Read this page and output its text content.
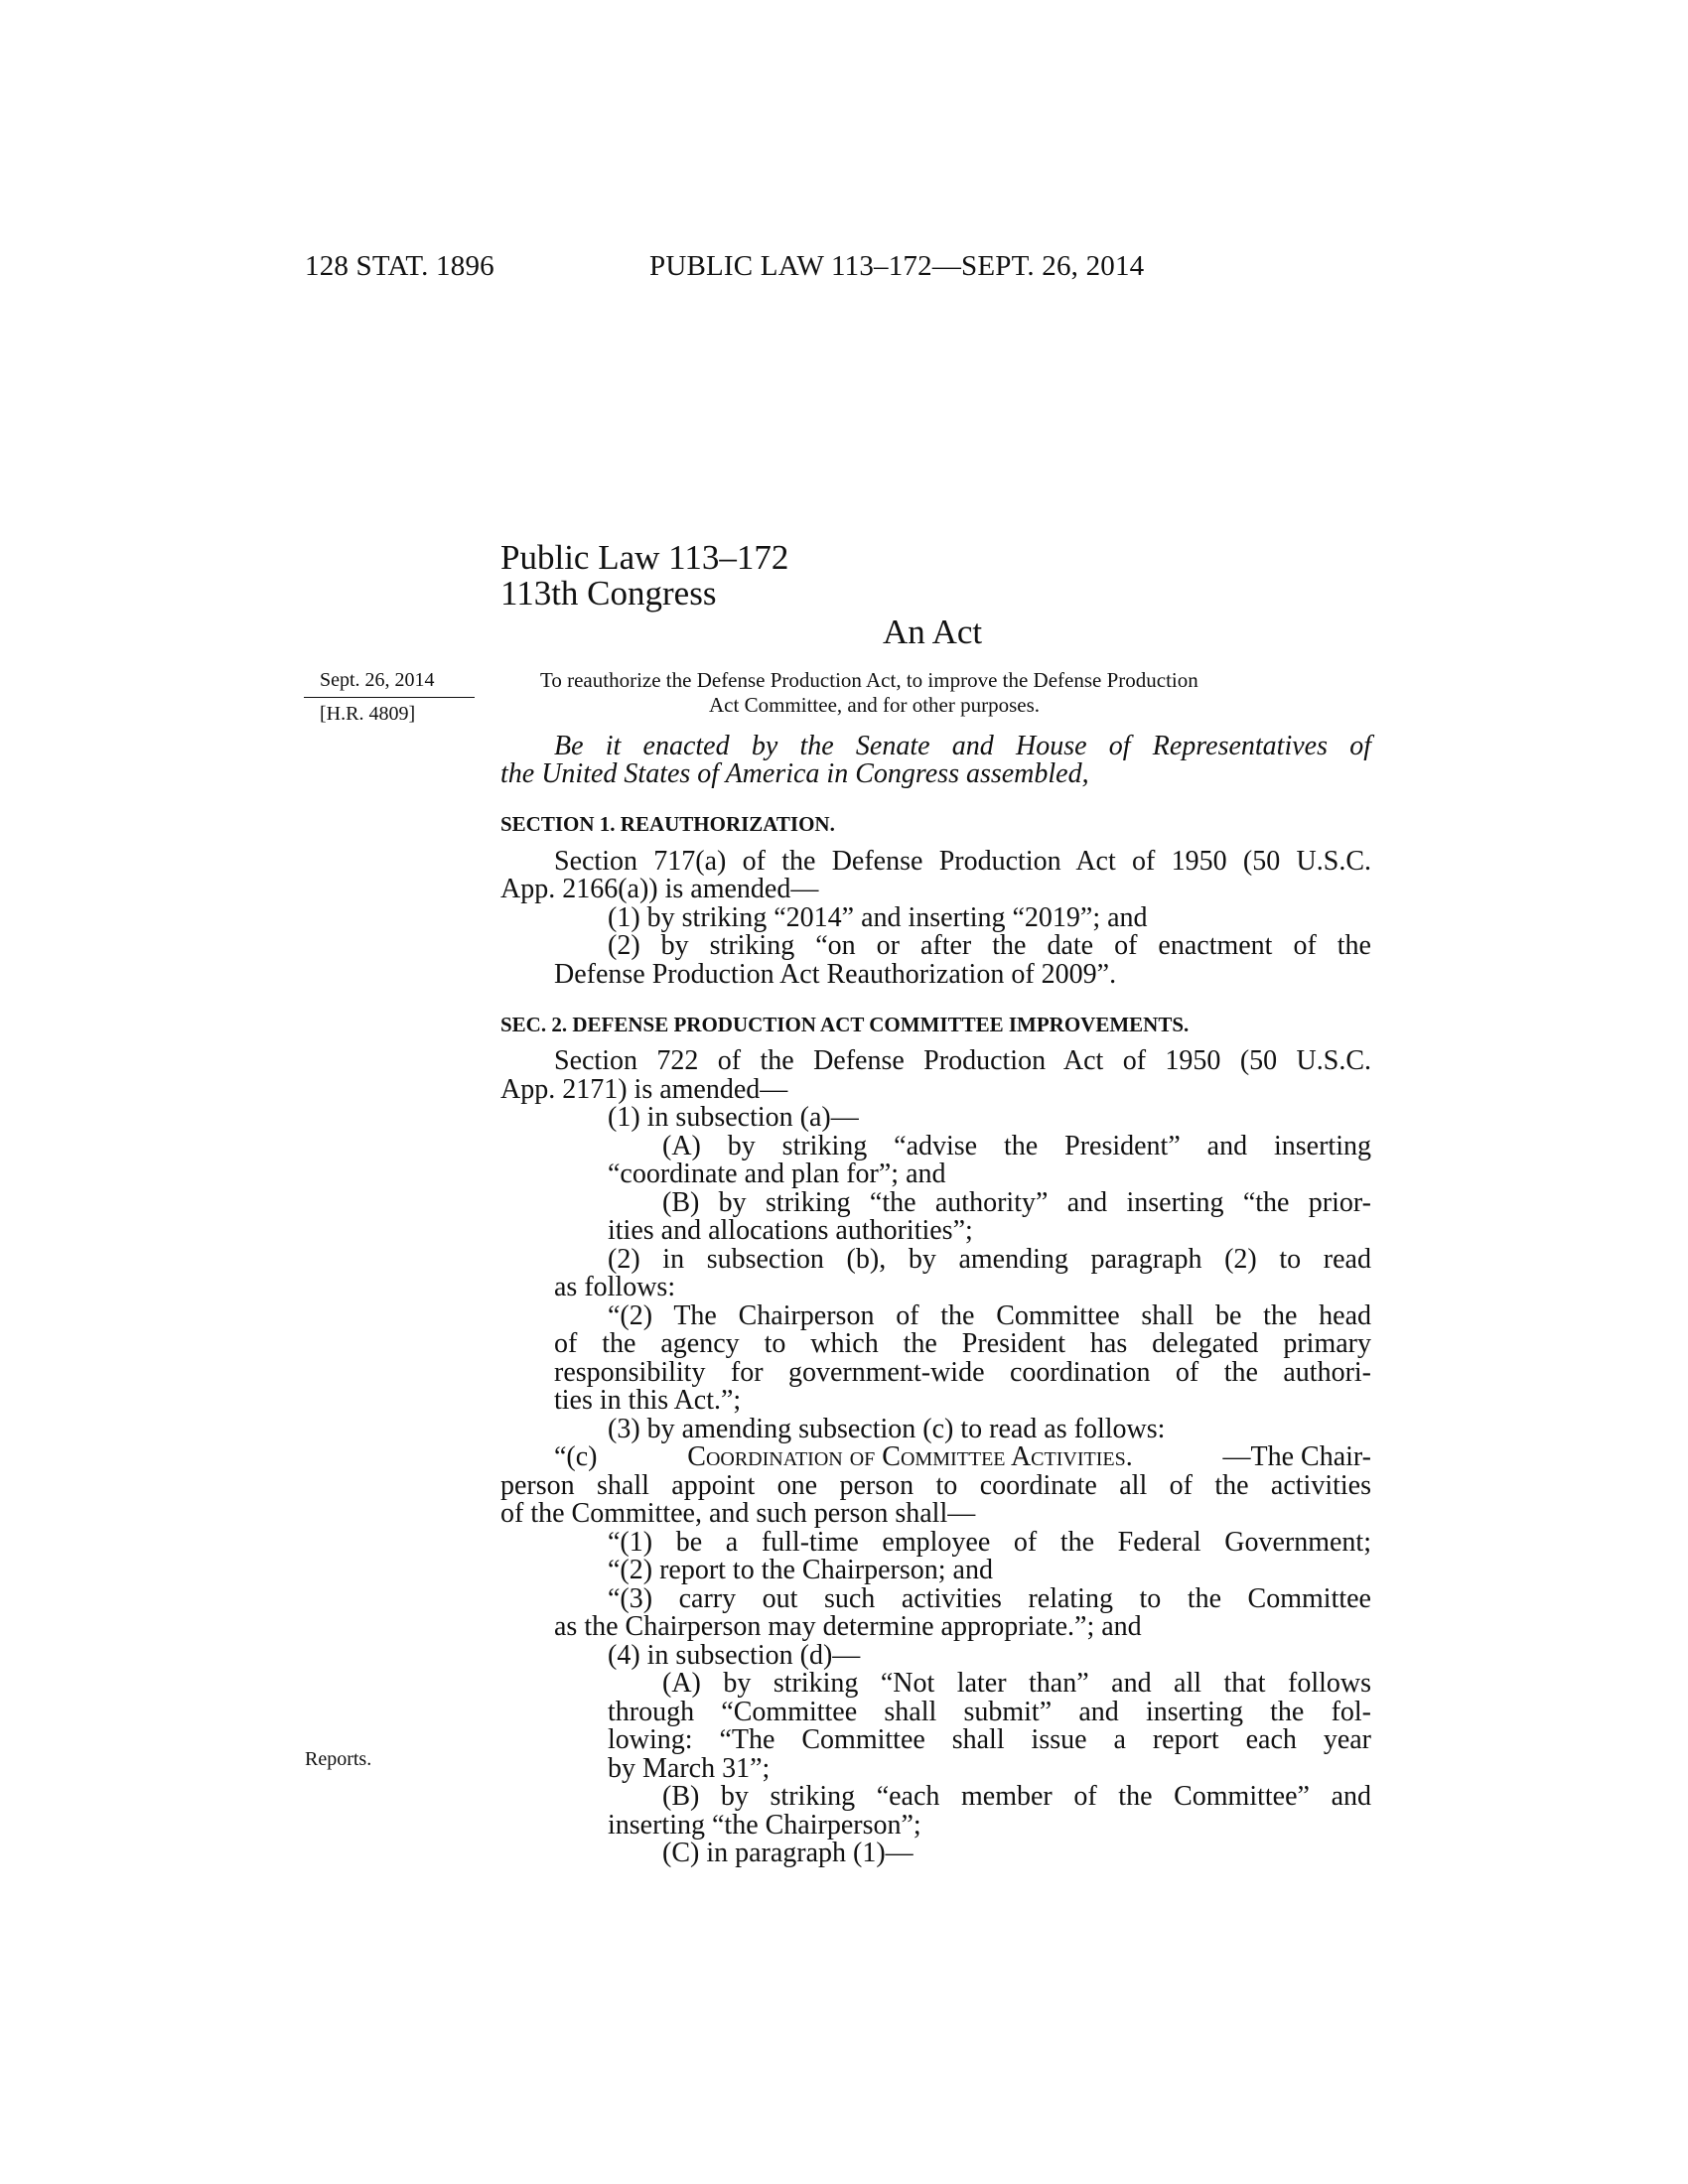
128 STAT. 1896	PUBLIC LAW 113–172—SEPT. 26, 2014
Public Law 113–172
113th Congress
An Act
Sept. 26, 2014
[H.R. 4809]
Reports.
To reauthorize the Defense Production Act, to improve the Defense Production
Act Committee, and for other purposes.
Be it enacted by the Senate and House of Representatives of
the United States of America in Congress assembled,
SECTION 1. REAUTHORIZATION.
Section 717(a) of the Defense Production Act of 1950 (50 U.S.C.
App. 2166(a)) is amended—
(1) by striking “2014” and inserting “2019”; and
(2) by striking “on or after the date of enactment of the
Defense Production Act Reauthorization of 2009”.
SEC. 2. DEFENSE PRODUCTION ACT COMMITTEE IMPROVEMENTS.
Section 722 of the Defense Production Act of 1950 (50 U.S.C.
App. 2171) is amended—
(1) in subsection (a)—
(A) by striking “advise the President” and inserting
“coordinate and plan for”; and
(B) by striking “the authority” and inserting “the prior-
ities and allocations authorities”;
(2) in subsection (b), by amending paragraph (2) to read
as follows:
“(2) The Chairperson of the Committee shall be the head
of the agency to which the President has delegated primary
responsibility for government-wide coordination of the authori-
ties in this Act.”;
(3) by amending subsection (c) to read as follows:
“(c)	Coordination of Committee Activities.	—The Chair-
person shall appoint one person to coordinate all of the activities
of the Committee, and such person shall—
“(1) be a full-time employee of the Federal Government;
“(2) report to the Chairperson; and
“(3) carry out such activities relating to the Committee
as the Chairperson may determine appropriate.”; and
(4) in subsection (d)—
(A) by striking “Not later than” and all that follows
through “Committee shall submit” and inserting the fol-
lowing: “The Committee shall issue a report each year
by March 31”;
(B) by striking “each member of the Committee” and
inserting “the Chairperson”;
(C) in paragraph (1)—
